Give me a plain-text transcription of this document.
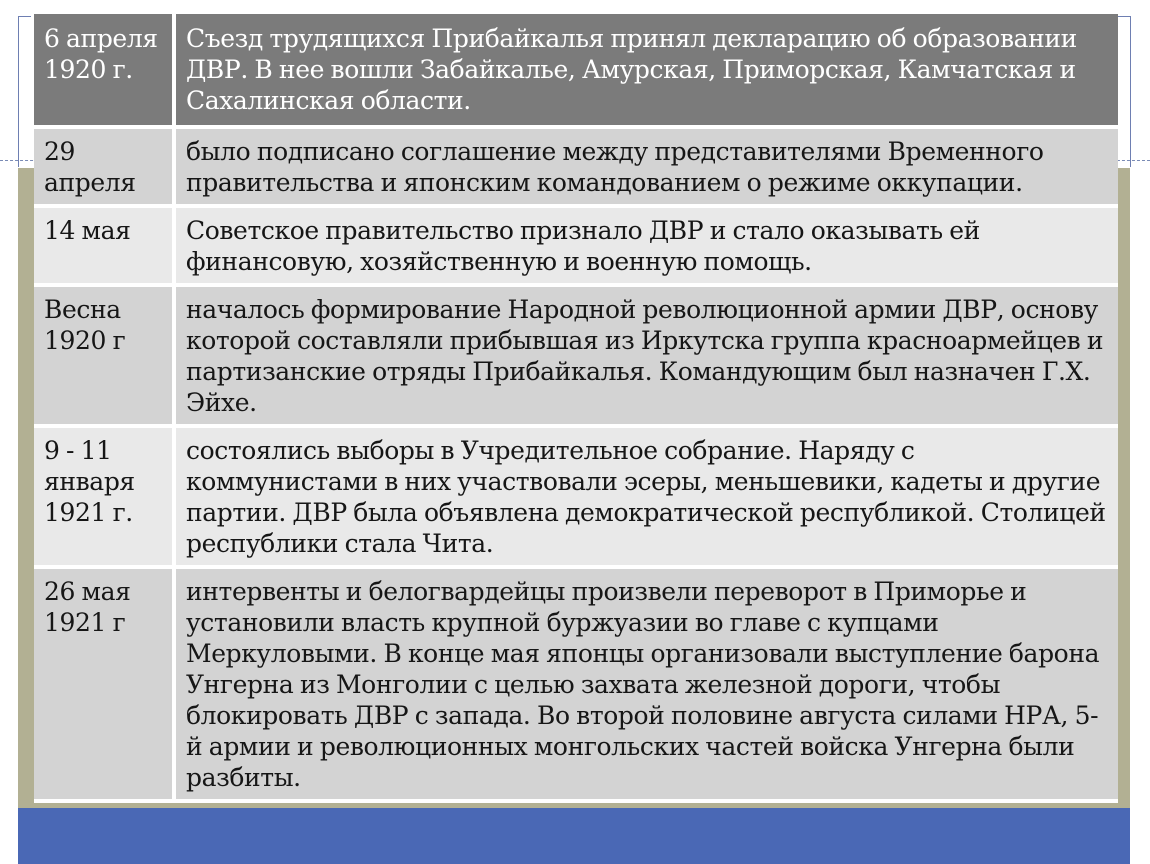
6 апреля 1920 г.	Съезд трудящихся Прибайкалья принял декларацию об образовании ДВР. В нее вошли Забайкалье, Амурская, Приморская, Камчатская и Сахалинская области.
29 апреля	было подписано соглашение между представителями Временного правительства и японским командованием о режиме оккупации.
14 мая	Советское правительство признало ДВР и стало оказывать ей финансовую, хозяйственную и военную помощь.
Весна 1920 г	началось формирование Народной революционной армии ДВР, основу которой составляли прибывшая из Иркутска группа красноармейцев и партизанские отряды Прибайкалья. Командующим был назначен Г.Х. Эйхе.
9 - 11 января 1921 г.	состоялись выборы в Учредительное собрание. Наряду с коммунистами в них участвовали эсеры, меньшевики, кадеты и другие партии. ДВР была объявлена демократической республикой. Столицей республики стала Чита.
26 мая 1921 г	интервенты и белогвардейцы произвели переворот в Приморье и установили власть крупной буржуазии во главе с купцами Меркуловыми. В конце мая японцы организовали выступление барона Унгерна из Монголии с целью захвата железной дороги, чтобы блокировать ДВР с запада. Во второй половине августа силами НРА, 5-й армии и революционных монгольских частей войска Унгерна были разбиты.
